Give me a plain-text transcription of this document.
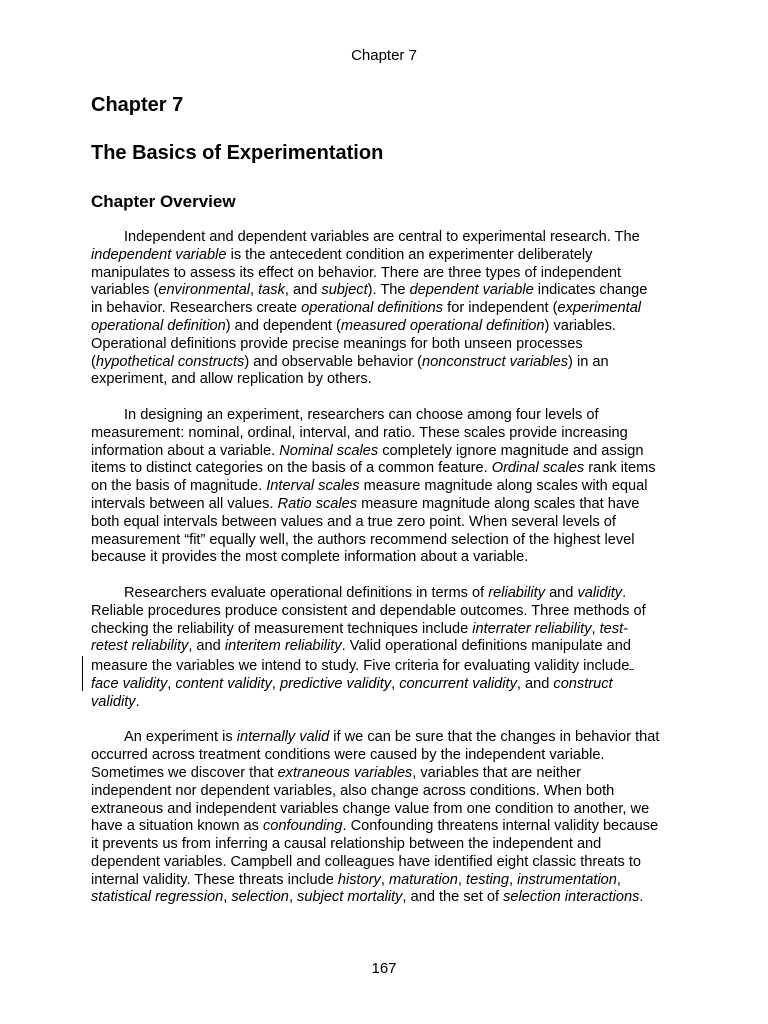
Chapter 7
Chapter 7
The Basics of Experimentation
Chapter Overview

Independent and dependent variables are central to experimental research. The
independent variable is the antecedent condition an experimenter deliberately
manipulates to assess its effect on behavior. There are three types of independent
variables (environmental, task, and subject). The dependent variable indicates change
in behavior. Researchers create operational definitions for independent (experimental
operational definition) and dependent (measured operational definition) variables.
Operational definitions provide precise meanings for both unseen processes
(hypothetical constructs) and observable behavior (nonconstruct variables) in an
experiment, and allow replication by others.

In designing an experiment, researchers can choose among four levels of
measurement: nominal, ordinal, interval, and ratio. These scales provide increasing
information about a variable. Nominal scales completely ignore magnitude and assign
items to distinct categories on the basis of a common feature. Ordinal scales rank items
on the basis of magnitude. Interval scales measure magnitude along scales with equal
intervals between all values. Ratio scales measure magnitude along scales that have
both equal intervals between values and a true zero point. When several levels of
measurement “fit” equally well, the authors recommend selection of the highest level
because it provides the most complete information about a variable.

Researchers evaluate operational definitions in terms of reliability and validity.
Reliable procedures produce consistent and dependable outcomes. Three methods of
checking the reliability of measurement techniques include interrater reliability, test-
retest reliability, and interitem reliability. Valid operational definitions manipulate and
measure the variables we intend to study. Five criteria for evaluating validity include
face validity, content validity, predictive validity, concurrent validity, and construct
validity.

An experiment is internally valid if we can be sure that the changes in behavior that
occurred across treatment conditions were caused by the independent variable.
Sometimes we discover that extraneous variables, variables that are neither
independent nor dependent variables, also change across conditions. When both
extraneous and independent variables change value from one condition to another, we
have a situation known as confounding. Confounding threatens internal validity because
it prevents us from inferring a causal relationship between the independent and
dependent variables. Campbell and colleagues have identified eight classic threats to
internal validity. These threats include history, maturation, testing, instrumentation,
statistical regression, selection, subject mortality, and the set of selection interactions.

167
